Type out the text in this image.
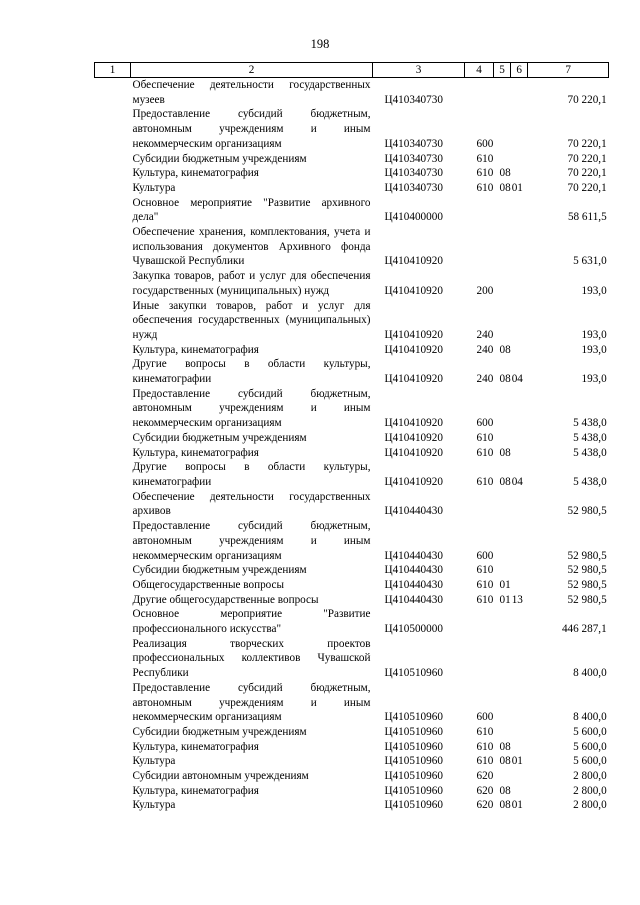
198
1	2	3	4	5	6	7
	Обеспечение деятельности государственных музеев	Ц410340730				70 220,1
	Предоставление субсидий бюджетным, автономным учреждениям и иным некоммерческим организациям	Ц410340730	600			70 220,1
	Субсидии бюджетным учреждениям	Ц410340730	610			70 220,1
	Культура, кинематография	Ц410340730	610	08		70 220,1
	Культура	Ц410340730	610	08	01	70 220,1
	Основное мероприятие "Развитие архивного дела"	Ц410400000				58 611,5
	Обеспечение хранения, комплектования, учета и использования документов Архивного фонда Чувашской Республики	Ц410410920				5 631,0
	Закупка товаров, работ и услуг для обеспечения государственных (муниципальных) нужд	Ц410410920	200			193,0
	Иные закупки товаров, работ и услуг для обеспечения государственных (муниципальных) нужд	Ц410410920	240			193,0
	Культура, кинематография	Ц410410920	240	08		193,0
	Другие вопросы в области культуры, кинематографии	Ц410410920	240	08	04	193,0
	Предоставление субсидий бюджетным, автономным учреждениям и иным некоммерческим организациям	Ц410410920	600			5 438,0
	Субсидии бюджетным учреждениям	Ц410410920	610			5 438,0
	Культура, кинематография	Ц410410920	610	08		5 438,0
	Другие вопросы в области культуры, кинематографии	Ц410410920	610	08	04	5 438,0
	Обеспечение деятельности государственных архивов	Ц410440430				52 980,5
	Предоставление субсидий бюджетным, автономным учреждениям и иным некоммерческим организациям	Ц410440430	600			52 980,5
	Субсидии бюджетным учреждениям	Ц410440430	610			52 980,5
	Общегосударственные вопросы	Ц410440430	610	01		52 980,5
	Другие общегосударственные вопросы	Ц410440430	610	01	13	52 980,5
	Основное мероприятие "Развитие профессионального искусства"	Ц410500000				446 287,1
	Реализация творческих проектов профессиональных коллективов Чувашской Республики	Ц410510960				8 400,0
	Предоставление субсидий бюджетным, автономным учреждениям и иным некоммерческим организациям	Ц410510960	600			8 400,0
	Субсидии бюджетным учреждениям	Ц410510960	610			5 600,0
	Культура, кинематография	Ц410510960	610	08		5 600,0
	Культура	Ц410510960	610	08	01	5 600,0
	Субсидии автономным учреждениям	Ц410510960	620			2 800,0
	Культура, кинематография	Ц410510960	620	08		2 800,0
	Культура	Ц410510960	620	08	01	2 800,0
